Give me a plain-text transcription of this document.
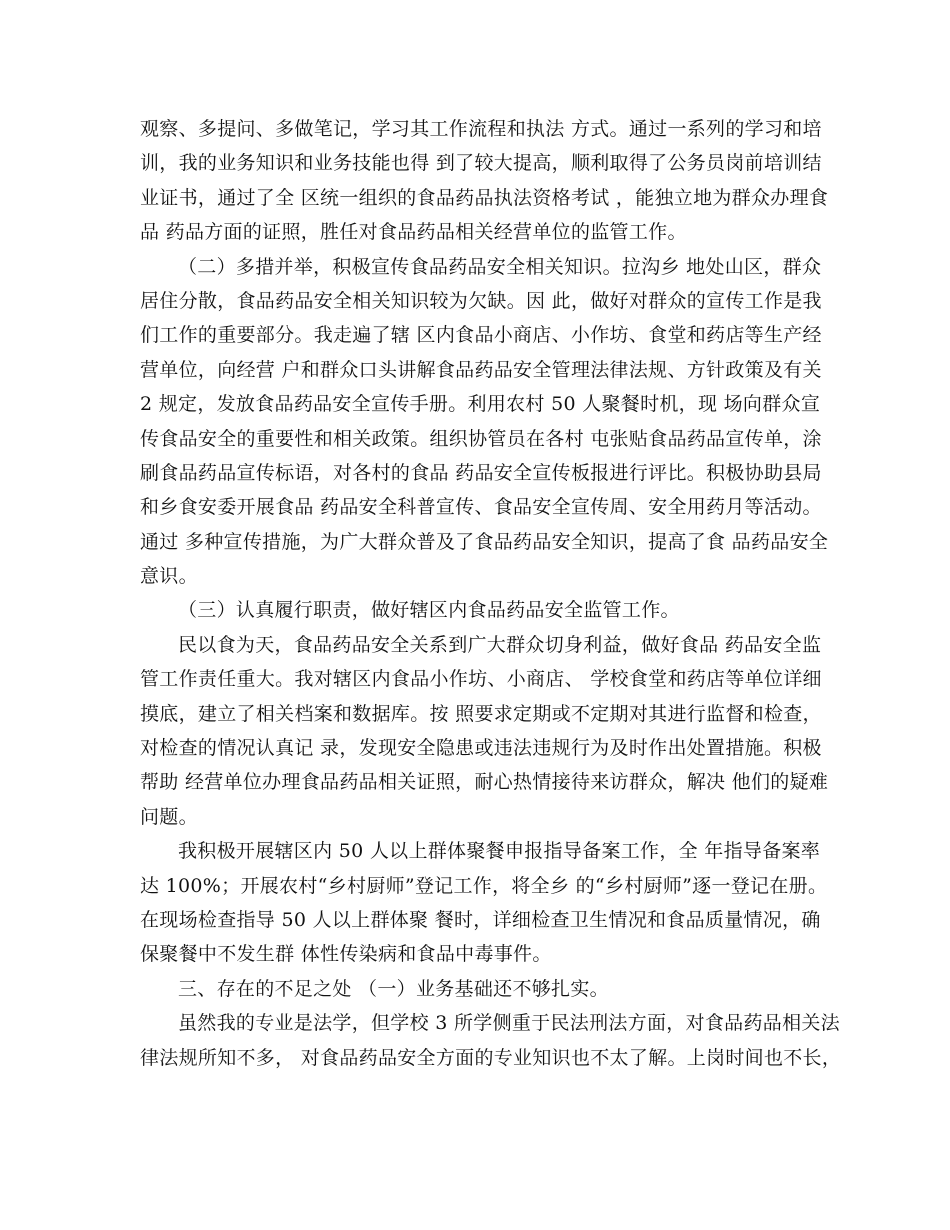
观察、多提问、多做笔记，学习其工作流程和执法 方式。通过一系列的学习和培
训，我的业务知识和业务技能也得 到了较大提高，顺利取得了公务员岗前培训结
业证书，通过了全 区统一组织的食品药品执法资格考试 ，能独立地为群众办理食
品 药品方面的证照，胜任对食品药品相关经营单位的监管工作。
（二）多措并举，积极宣传食品药品安全相关知识。拉沟乡 地处山区，群众
居住分散，食品药品安全相关知识较为欠缺。因 此，做好对群众的宣传工作是我
们工作的重要部分。我走遍了辖 区内食品小商店、小作坊、食堂和药店等生产经
营单位，向经营 户和群众口头讲解食品药品安全管理法律法规、方针政策及有关
2 规定，发放食品药品安全宣传手册。利用农村 50 人聚餐时机，现 场向群众宣
传食品安全的重要性和相关政策。组织协管员在各村 屯张贴食品药品宣传单，涂
刷食品药品宣传标语，对各村的食品 药品安全宣传板报进行评比。积极协助县局
和乡食安委开展食品 药品安全科普宣传、食品安全宣传周、安全用药月等活动。
通过 多种宣传措施，为广大群众普及了食品药品安全知识，提高了食 品药品安全
意识。
（三）认真履行职责，做好辖区内食品药品安全监管工作。
民以食为天，食品药品安全关系到广大群众切身利益，做好食品 药品安全监
管工作责任重大。我对辖区内食品小作坊、小商店、 学校食堂和药店等单位详细
摸底，建立了相关档案和数据库。按 照要求定期或不定期对其进行监督和检查，
对检查的情况认真记 录，发现安全隐患或违法违规行为及时作出处置措施。积极
帮助 经营单位办理食品药品相关证照，耐心热情接待来访群众，解决 他们的疑难
问题。
我积极开展辖区内 50 人以上群体聚餐申报指导备案工作，全 年指导备案率
达 100%；开展农村“乡村厨师”登记工作，将全乡 的“乡村厨师”逐一登记在册。
在现场检查指导 50 人以上群体聚 餐时，详细检查卫生情况和食品质量情况，确
保聚餐中不发生群 体性传染病和食品中毒事件。
三、存在的不足之处 （一）业务基础还不够扎实。
虽然我的专业是法学，但学校 3 所学侧重于民法刑法方面，对食品药品相关法
律法规所知不多， 对食品药品安全方面的专业知识也不太了解。上岗时间也不长，
